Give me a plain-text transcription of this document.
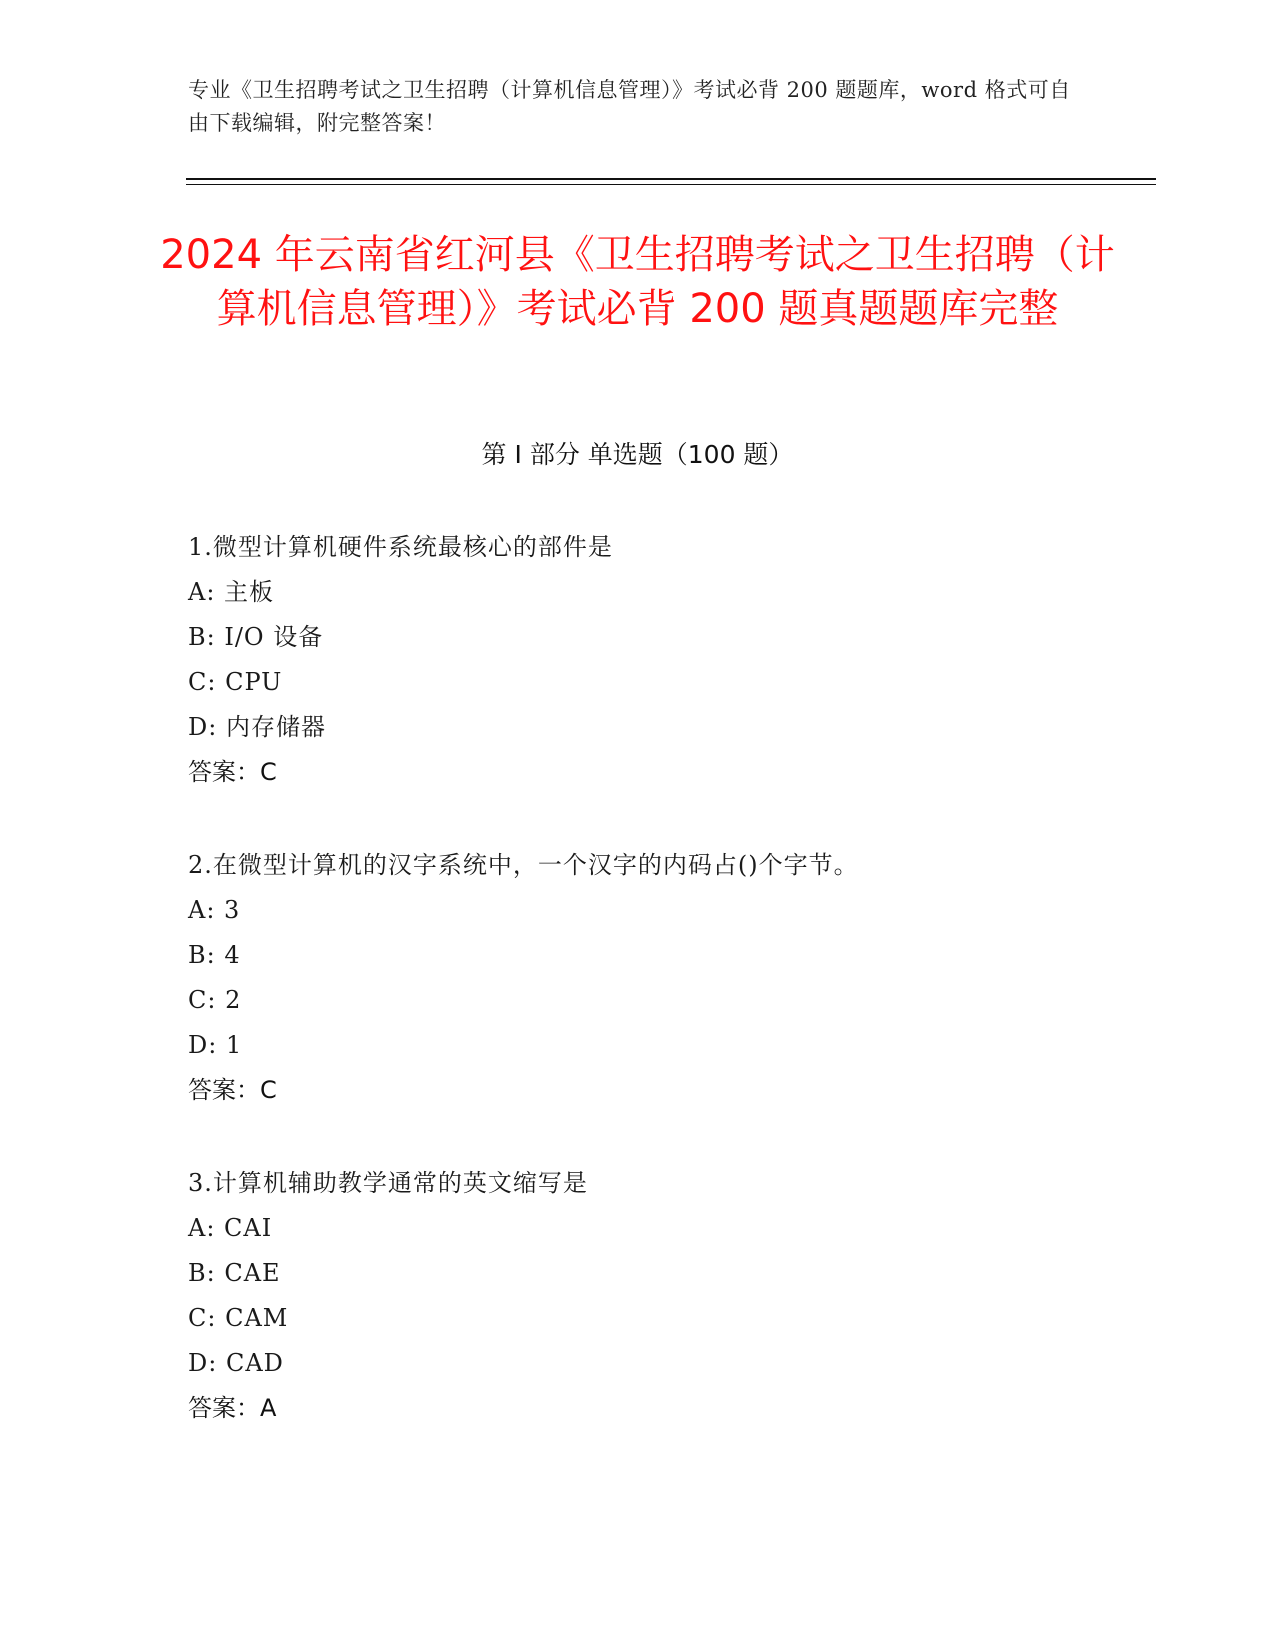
专业《卫生招聘考试之卫生招聘（计算机信息管理）》考试必背 200 题题库，word 格式可自由下载编辑，附完整答案！
2024 年云南省红河县《卫生招聘考试之卫生招聘（计算机信息管理）》考试必背 200 题真题题库完整
第 I 部分 单选题（100 题）
1.微型计算机硬件系统最核心的部件是
A: 主板
B: I/O 设备
C: CPU
D: 内存储器
答案：C
2.在微型计算机的汉字系统中，一个汉字的内码占()个字节。
A: 3
B: 4
C: 2
D: 1
答案：C
3.计算机辅助教学通常的英文缩写是
A: CAI
B: CAE
C: CAM
D: CAD
答案：A
